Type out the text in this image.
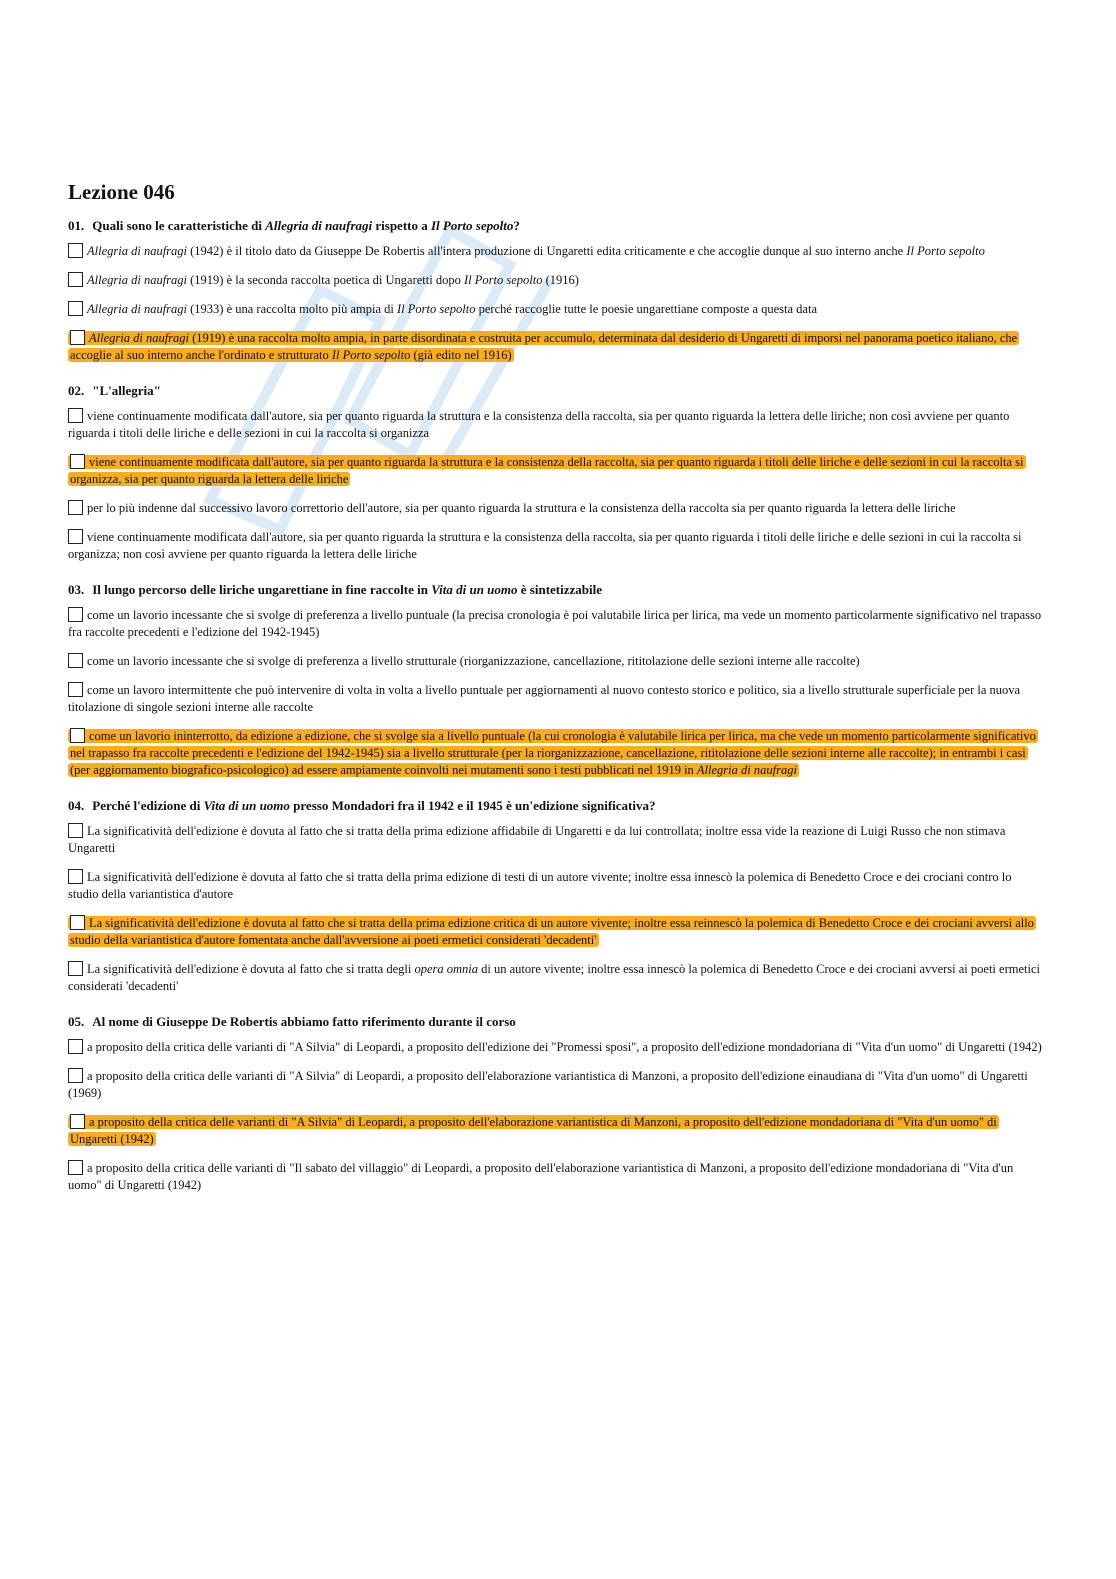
Lezione 046
01. Quali sono le caratteristiche di Allegria di naufragi rispetto a Il Porto sepolto?
Allegria di naufragi (1942) è il titolo dato da Giuseppe De Robertis all'intera produzione di Ungaretti edita criticamente e che accoglie dunque al suo interno anche Il Porto sepolto
Allegria di naufragi (1919) è la seconda raccolta poetica di Ungaretti dopo Il Porto sepolto (1916)
Allegria di naufragi (1933) è una raccolta molto più ampia di Il Porto sepolto perché raccoglie tutte le poesie ungarettiane composte a questa data
Allegria di naufragi (1919) è una raccolta molto ampia, in parte disordinata e costruita per accumulo, determinata dal desiderio di Ungaretti di imporsi nel panorama poetico italiano, che accoglie al suo interno anche l'ordinato e strutturato Il Porto sepolto (già edito nel 1916)
02. "L'allegria"
viene continuamente modificata dall'autore, sia per quanto riguarda la struttura e la consistenza della raccolta, sia per quanto riguarda la lettera delle liriche; non così avviene per quanto riguarda i titoli delle liriche e delle sezioni in cui la raccolta si organizza
viene continuamente modificata dall'autore, sia per quanto riguarda la struttura e la consistenza della raccolta, sia per quanto riguarda i titoli delle liriche e delle sezioni in cui la raccolta si organizza, sia per quanto riguarda la lettera delle liriche
per lo più indenne dal successivo lavoro correttorio dell'autore, sia per quanto riguarda la struttura e la consistenza della raccolta sia per quanto riguarda la lettera delle liriche
viene continuamente modificata dall'autore, sia per quanto riguarda la struttura e la consistenza della raccolta, sia per quanto riguarda i titoli delle liriche e delle sezioni in cui la raccolta si organizza; non così avviene per quanto riguarda la lettera delle liriche
03. Il lungo percorso delle liriche ungarettiane in fine raccolte in Vita di un uomo è sintetizzabile
come un lavorio incessante che si svolge di preferenza a livello puntuale (la precisa cronologia è poi valutabile lirica per lirica, ma vede un momento particolarmente significativo nel trapasso fra raccolte precedenti e l'edizione del 1942-1945)
come un lavorio incessante che si svolge di preferenza a livello strutturale (riorganizzazione, cancellazione, rititolazione delle sezioni interne alle raccolte)
come un lavoro intermittente che può intervenire di volta in volta a livello puntuale per aggiornamenti al nuovo contesto storico e politico, sia a livello strutturale superficiale per la nuova titolazione di singole sezioni interne alle raccolte
come un lavorio ininterrotto, da edizione a edizione, che si svolge sia a livello puntuale (la cui cronologia è valutabile lirica per lirica, ma che vede un momento particolarmente significativo nel trapasso fra raccolte precedenti e l'edizione del 1942-1945) sia a livello strutturale (per la riorganizzazione, cancellazione, rititolazione delle sezioni interne alle raccolte); in entrambi i casi (per aggiornamento biografico-psicologico) ad essere ampiamente coinvolti nei mutamenti sono i testi pubblicati nel 1919 in Allegria di naufragi
04. Perché l'edizione di Vita di un uomo presso Mondadori fra il 1942 e il 1945 è un'edizione significativa?
La significatività dell'edizione è dovuta al fatto che si tratta della prima edizione affidabile di Ungaretti e da lui controllata; inoltre essa vide la reazione di Luigi Russo che non stimava Ungaretti
La significatività dell'edizione è dovuta al fatto che si tratta della prima edizione di testi di un autore vivente; inoltre essa innescò la polemica di Benedetto Croce e dei crociani contro lo studio della variantistica d'autore
La significatività dell'edizione è dovuta al fatto che si tratta della prima edizione critica di un autore vivente; inoltre essa reinnescò la polemica di Benedetto Croce e dei crociani avversi allo studio della variantistica d'autore fomentata anche dall'avversione ai poeti ermetici considerati 'decadenti'
La significatività dell'edizione è dovuta al fatto che si tratta degli opera omnia di un autore vivente; inoltre essa innescò la polemica di Benedetto Croce e dei crociani avversi ai poeti ermetici considerati 'decadenti'
05. Al nome di Giuseppe De Robertis abbiamo fatto riferimento durante il corso
a proposito della critica delle varianti di "A Silvia" di Leopardi, a proposito dell'edizione dei "Promessi sposi", a proposito dell'edizione mondadoriana di "Vita d'un uomo" di Ungaretti (1942)
a proposito della critica delle varianti di "A Silvia" di Leopardi, a proposito dell'elaborazione variantistica di Manzoni, a proposito dell'edizione einaudiana di "Vita d'un uomo" di Ungaretti (1969)
a proposito della critica delle varianti di "A Silvia" di Leopardi, a proposito dell'elaborazione variantistica di Manzoni, a proposito dell'edizione mondadoriana di "Vita d'un uomo" di Ungaretti (1942)
a proposito della critica delle varianti di "Il sabato del villaggio" di Leopardi, a proposito dell'elaborazione variantistica di Manzoni, a proposito dell'edizione mondadoriana di "Vita d'un uomo" di Ungaretti (1942)
